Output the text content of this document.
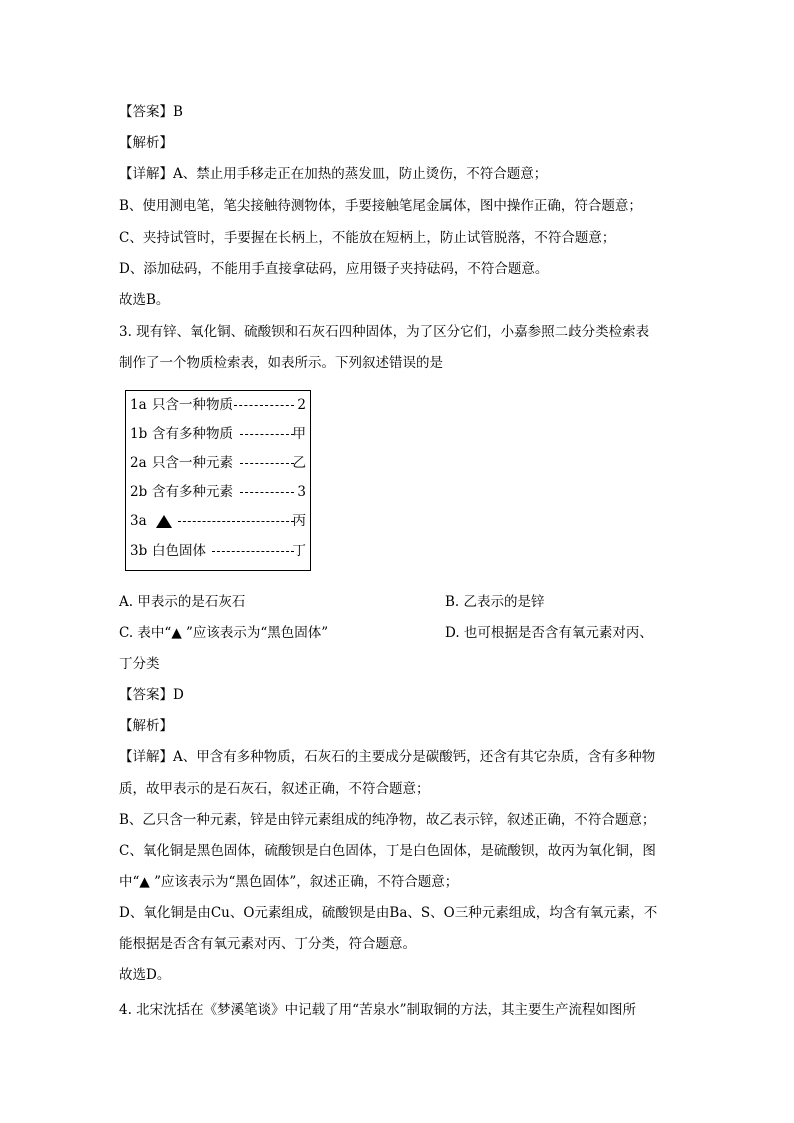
【答案】B
【解析】
【详解】A、禁止用手移走正在加热的蒸发皿，防止烫伤，不符合题意；
B、使用测电笔，笔尖接触待测物体，手要接触笔尾金属体，图中操作正确，符合题意；
C、夹持试管时，手要握在长柄上，不能放在短柄上，防止试管脱落，不符合题意；
D、添加砝码，不能用手直接拿砝码，应用镊子夹持砝码，不符合题意。
故选B。
3. 现有锌、氧化铜、硫酸钡和石灰石四种固体，为了区分它们，小嘉参照二歧分类检索表
制作了一个物质检索表，如表所示。下列叙述错误的是
1a 只含一种物质	2
1b 含有多种物质	甲
2a 只含一种元素	乙
2b 含有多种元素	3
3a	丙
3b 白色固体	丁
A. 甲表示的是石灰石	B. 乙表示的是锌
C. 表中“▲ ”应该表示为“黑色固体”	D. 也可根据是否含有氧元素对丙、
丁分类
【答案】D
【解析】
【详解】A、甲含有多种物质，石灰石的主要成分是碳酸钙，还含有其它杂质，含有多种物
质，故甲表示的是石灰石，叙述正确，不符合题意；
B、乙只含一种元素，锌是由锌元素组成的纯净物，故乙表示锌，叙述正确，不符合题意；
C、氧化铜是黑色固体，硫酸钡是白色固体，丁是白色固体，是硫酸钡，故丙为氧化铜，图
中“▲ ”应该表示为“黑色固体”，叙述正确，不符合题意；
D、氧化铜是由Cu、O元素组成，硫酸钡是由Ba、S、O三种元素组成，均含有氧元素，不
能根据是否含有氧元素对丙、丁分类，符合题意。
故选D。
4. 北宋沈括在《梦溪笔谈》中记载了用“苦泉水”制取铜的方法，其主要生产流程如图所
